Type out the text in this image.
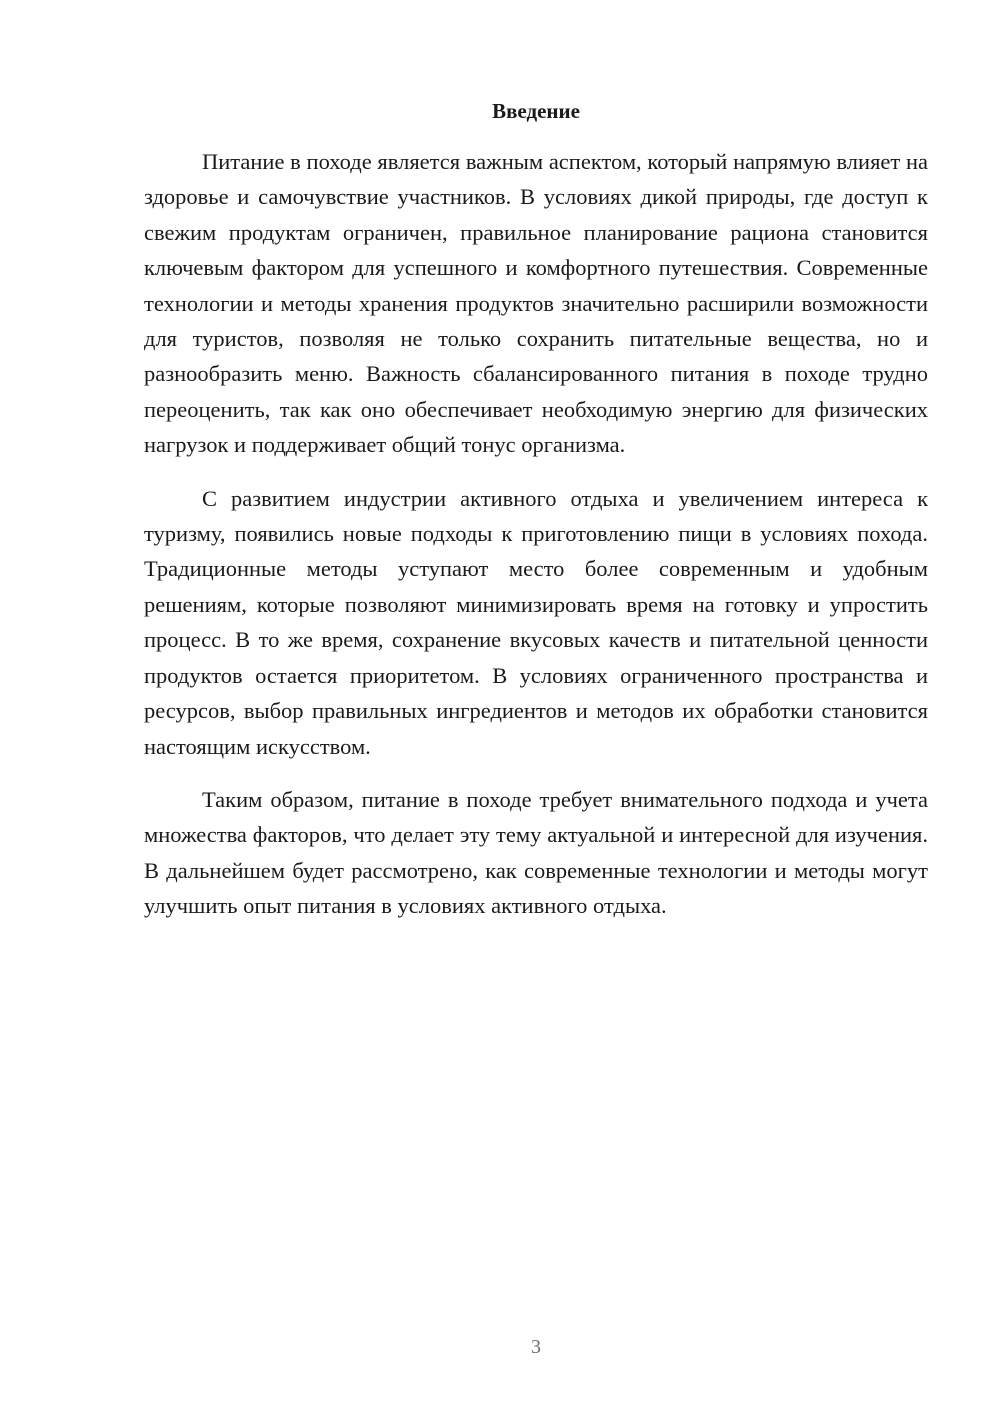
Введение

Питание в походе является важным аспектом, который напрямую влияет на здоровье и самочувствие участников. В условиях дикой природы, где доступ к свежим продуктам ограничен, правильное планирование рациона становится ключевым фактором для успешного и комфортного путешествия. Современные технологии и методы хранения продуктов значительно расширили возможности для туристов, позволяя не только сохранить питательные вещества, но и разнообразить меню. Важность сбалансированного питания в походе трудно переоценить, так как оно обеспечивает необходимую энергию для физических нагрузок и поддерживает общий тонус организма.

С развитием индустрии активного отдыха и увеличением интереса к туризму, появились новые подходы к приготовлению пищи в условиях похода. Традиционные методы уступают место более современным и удобным решениям, которые позволяют минимизировать время на готовку и упростить процесс. В то же время, сохранение вкусовых качеств и питательной ценности продуктов остается приоритетом. В условиях ограниченного пространства и ресурсов, выбор правильных ингредиентов и методов их обработки становится настоящим искусством.

Таким образом, питание в походе требует внимательного подхода и учета множества факторов, что делает эту тему актуальной и интересной для изучения. В дальнейшем будет рассмотрено, как современные технологии и методы могут улучшить опыт питания в условиях активного отдыха.

3
